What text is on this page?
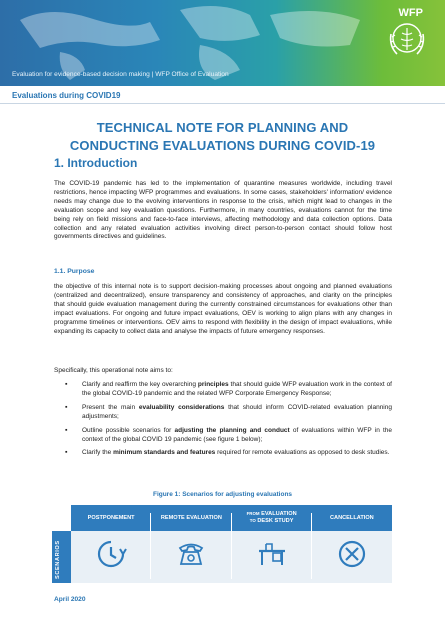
WFP
Evaluation for evidence-based decision making | WFP Office of Evaluation
Evaluations during COVID19
TECHNICAL NOTE FOR PLANNING AND
CONDUCTING EVALUATIONS DURING COVID-19
1. Introduction
The COVID-19 pandemic has led to the implementation of quarantine measures worldwide, including travel restrictions, hence impacting WFP programmes and evaluations. In some cases, stakeholders' information/ evidence needs may change due to the evolving interventions in response to the crisis, which might lead to changes in the evaluation scope and key evaluation questions. Furthermore, in many countries, evaluations cannot for the time being rely on field missions and face-to-face interviews, affecting methodology and data collection options. Data collection and any related evaluation activities involving direct person-to-person contact should follow host governments directives and guidelines.
1.1. Purpose
the objective of this internal note is to support decision-making processes about ongoing and planned evaluations (centralized and decentralized), ensure transparency and consistency of approaches, and clarity on the principles that should guide evaluation management during the currently constrained circumstances for evaluations other than impact evaluations. For ongoing and future impact evaluations, OEV is working to align plans with any changes in programme timelines or interventions. OEV aims to respond with flexibility in the design of impact evaluations, while expanding its capacity to collect data and analyse the impacts of future emergency responses.
Specifically, this operational note aims to:
▪ Clarify and reaffirm the key overarching principles that should guide WFP evaluation work in the context of the global COVID-19 pandemic and the related WFP Corporate Emergency Response;
▪ Present the main evaluability considerations that should inform COVID-related evaluation planning adjustments;
▪ Outline possible scenarios for adjusting the planning and conduct of evaluations within WFP in the context of the global COVID 19 pandemic (see figure 1 below);
▪ Clarify the minimum standards and features required for remote evaluations as opposed to desk studies.
Figure 1: Scenarios for adjusting evaluations
SCENARIOS
POSTPONEMENT	REMOTE EVALUATION
FROM EVALUATION
TO DESK STUDY
CANCELLATION
April 2020
